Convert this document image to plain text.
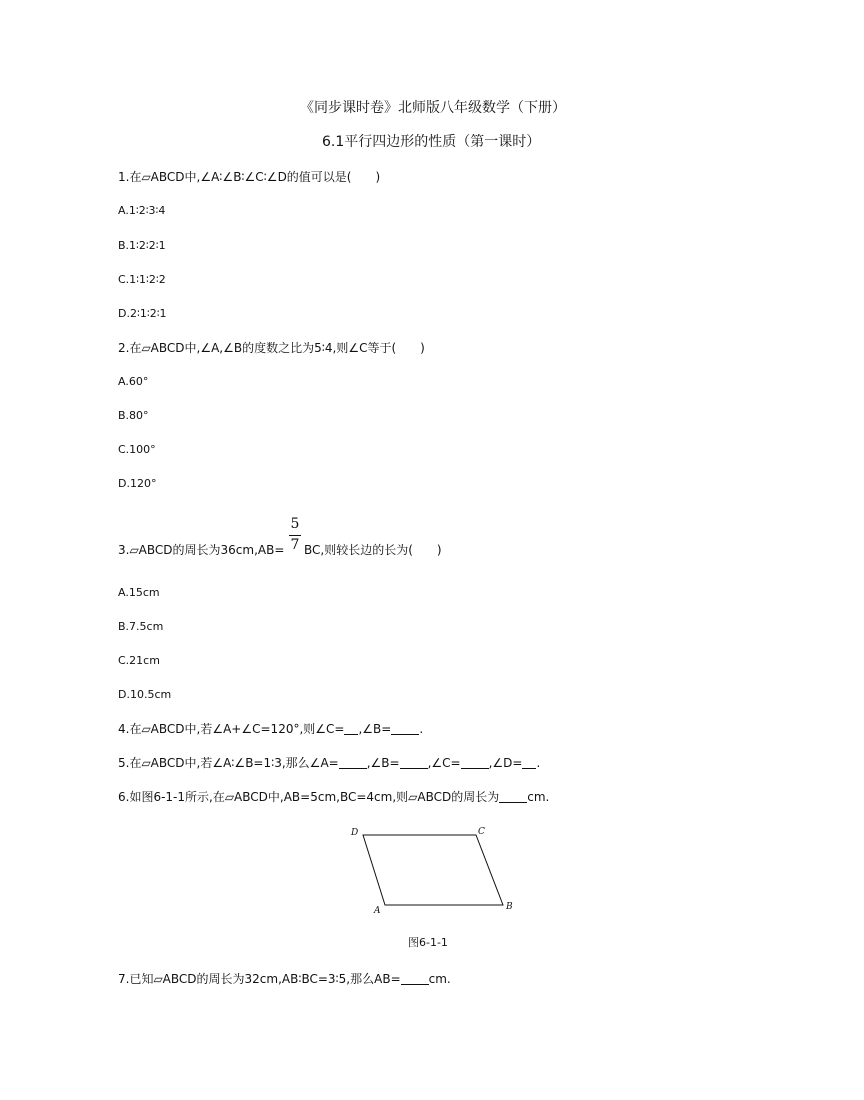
《同步课时卷》北师版八年级数学（下册）
6.1平行四边形的性质（第一课时）
1.在▱ABCD中,∠A∶∠B∶∠C∶∠D的值可以是(　　)
A.1∶2∶3∶4
B.1∶2∶2∶1
C.1∶1∶2∶2
D.2∶1∶2∶1
2.在▱ABCD中,∠A,∠B的度数之比为5∶4,则∠C等于(　　)
A.60°
B.80°
C.100°
D.120°
3.▱ABCD的周长为36cm,AB=
5
7 BC,则较长边的长为(　　)
A.15cm
B.7.5cm
C.21cm
D.10.5cm
4.在▱ABCD中,若∠A+∠C=120°,则∠C= ,∠B= .
5.在▱ABCD中,若∠A∶∠B=1∶3,那么∠A= ,∠B= ,∠C= ,∠D= .
6.如图6-1-1所示,在▱ABCD中,AB=5cm,BC=4cm,则▱ABCD的周长为 cm.
D	C
A	B
图6-1-1
7.已知▱ABCD的周长为32cm,AB∶BC=3∶5,那么AB= cm.
